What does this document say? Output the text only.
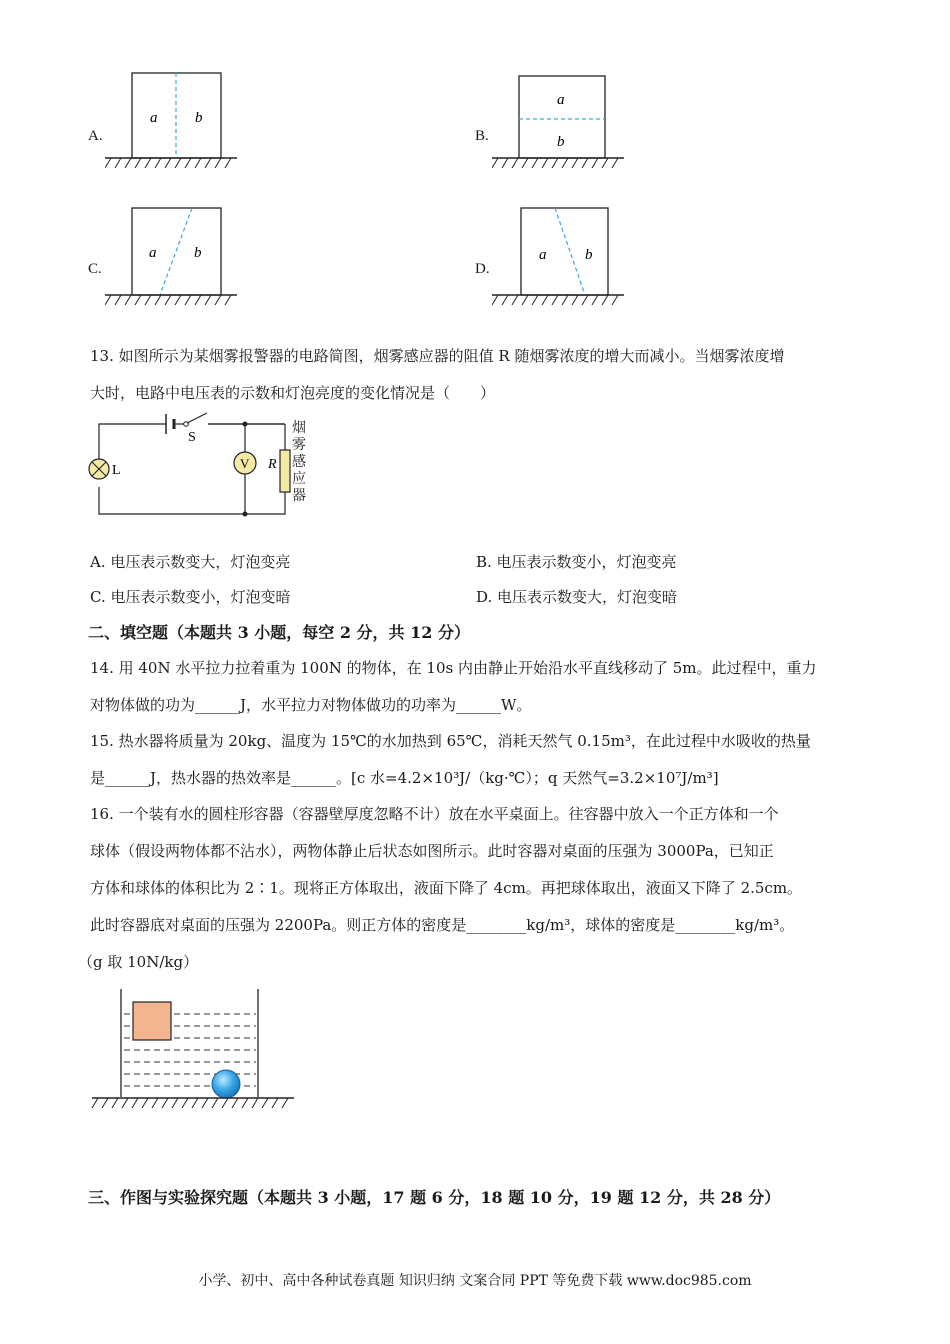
A.
a	b
B.
a
b
C.
a	b
D.
a	b
13. 如图所示为某烟雾报警器的电路简图，烟雾感应器的阻值 R 随烟雾浓度的增大而减小。当烟雾浓度增
大时，电路中电压表的示数和灯泡亮度的变化情况是（　　）
S
L	V R
烟雾感应器
A. 电压表示数变大，灯泡变亮	B. 电压表示数变小，灯泡变亮
C. 电压表示数变小，灯泡变暗	D. 电压表示数变大，灯泡变暗
二、填空题（本题共 3 小题，每空 2 分，共 12 分）
14. 用 40N 水平拉力拉着重为 100N 的物体，在 10s 内由静止开始沿水平直线移动了 5m。此过程中，重力
对物体做的功为______J，水平拉力对物体做功的功率为______W。
15. 热水器将质量为 20kg、温度为 15℃的水加热到 65℃，消耗天然气 0.15m³，在此过程中水吸收的热量
是______J，热水器的热效率是______。[c 水=4.2×10³J/（kg·℃）；q 天然气=3.2×10⁷J/m³]
16. 一个装有水的圆柱形容器（容器壁厚度忽略不计）放在水平桌面上。往容器中放入一个正方体和一个
球体（假设两物体都不沾水），两物体静止后状态如图所示。此时容器对桌面的压强为 3000Pa，已知正
方体和球体的体积比为 2∶1。现将正方体取出，液面下降了 4cm。再把球体取出，液面又下降了 2.5cm。
此时容器底对桌面的压强为 2200Pa。则正方体的密度是________kg/m³，球体的密度是________kg/m³。
（g 取 10N/kg）
三、作图与实验探究题（本题共 3 小题，17 题 6 分，18 题 10 分，19 题 12 分，共 28 分）
小学、初中、高中各种试卷真题 知识归纳 文案合同 PPT 等免费下载 www.doc985.com
